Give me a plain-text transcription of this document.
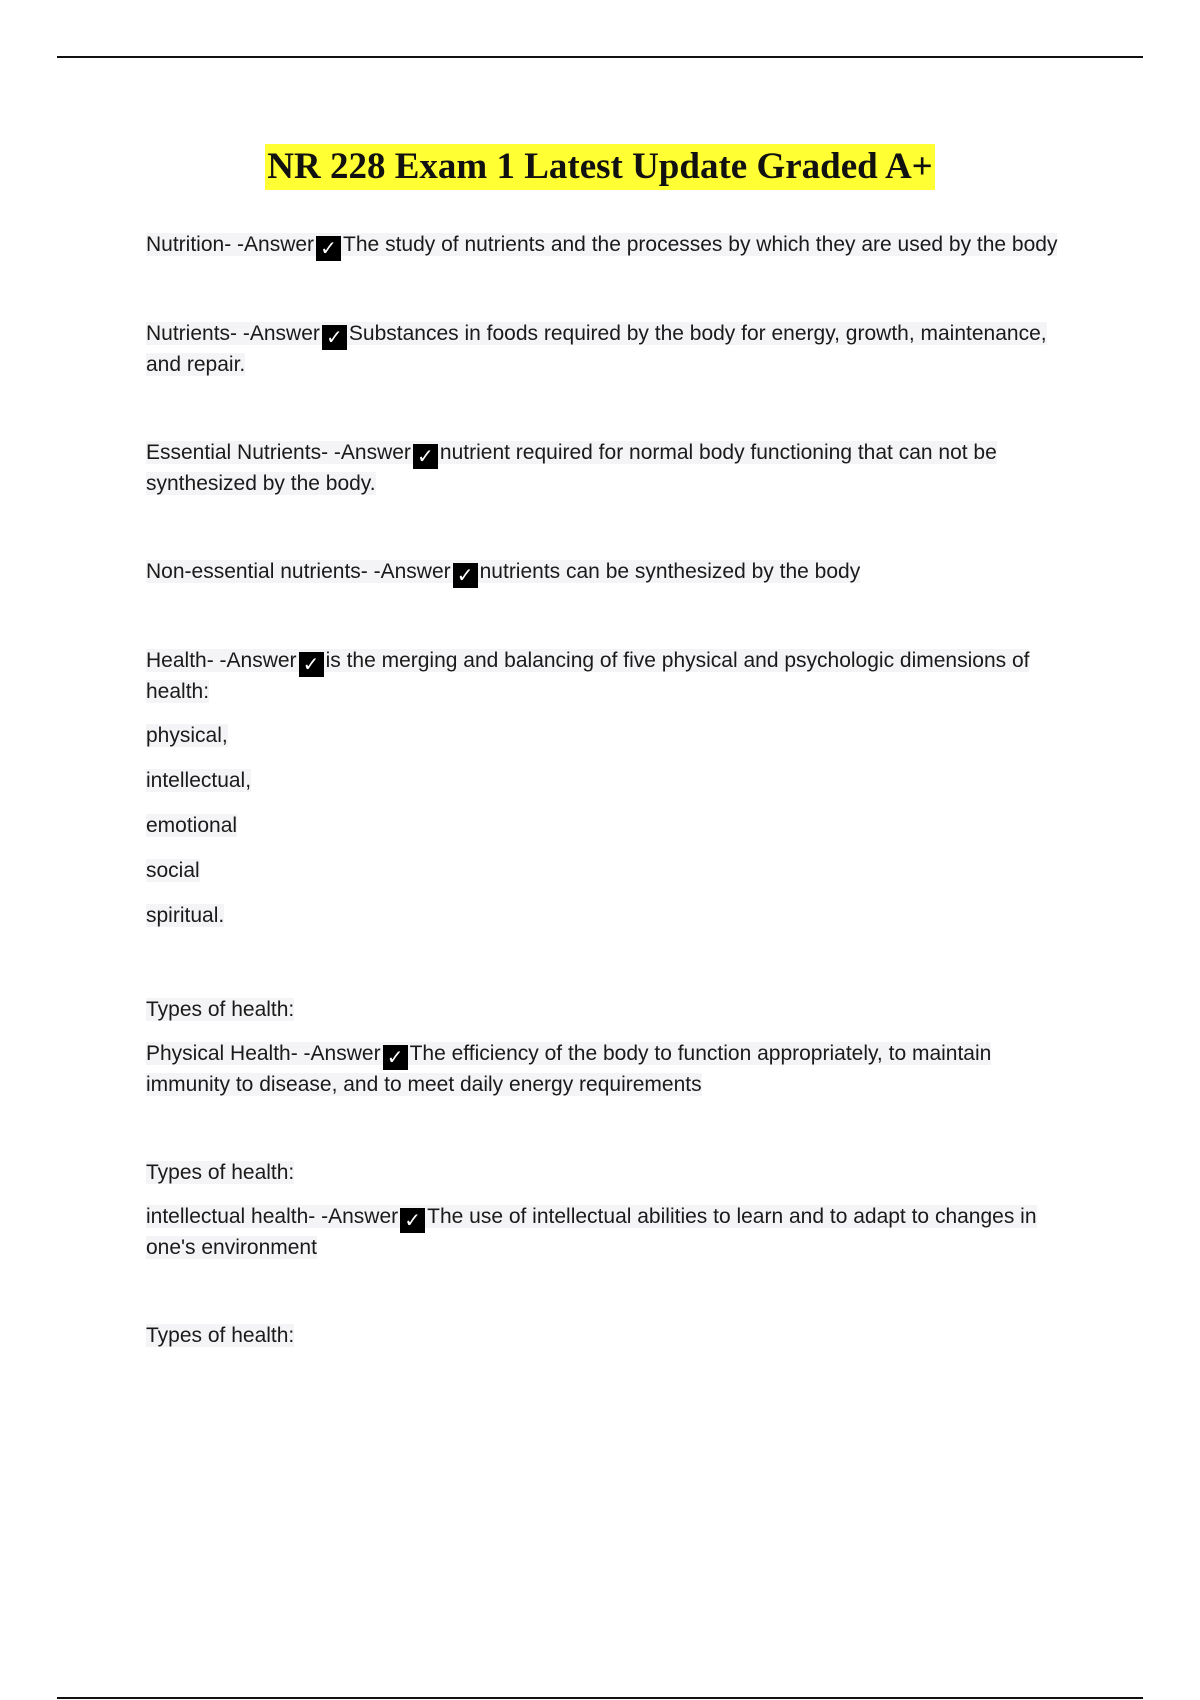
NR 228 Exam 1 Latest Update Graded A+
Nutrition- -Answer ✓ The study of nutrients and the processes by which they are used by the body
Nutrients- -Answer ✓ Substances in foods required by the body for energy, growth, maintenance, and repair.
Essential Nutrients- -Answer ✓ nutrient required for normal body functioning that can not be synthesized by the body.
Non-essential nutrients- -Answer ✓ nutrients can be synthesized by the body
Health- -Answer ✓ is the merging and balancing of five physical and psychologic dimensions of health:
physical,
intellectual,
emotional
social
spiritual.
Types of health:
Physical Health- -Answer ✓ The efficiency of the body to function appropriately, to maintain immunity to disease, and to meet daily energy requirements
Types of health:
intellectual health- -Answer ✓ The use of intellectual abilities to learn and to adapt to changes in one's environment
Types of health:
